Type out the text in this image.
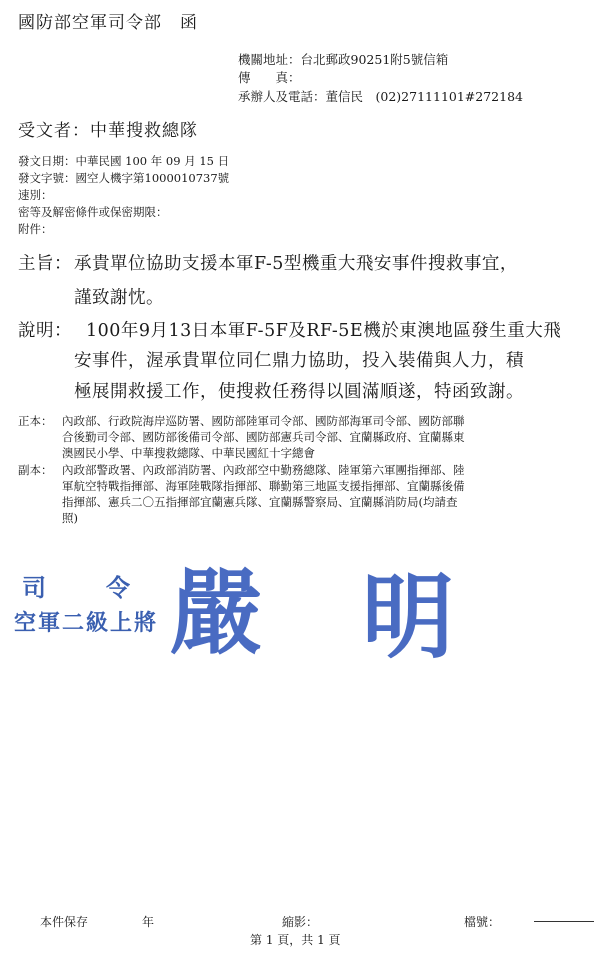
國防部空軍司令部　函
機關地址：台北郵政90251附5號信箱
傳　　真：
承辦人及電話：董信民　(02)27111101#272184
受文者：中華搜救總隊
發文日期：中華民國 100 年 09 月 15 日
發文字號：國空人機字第1000010737號
速別：
密等及解密條件或保密期限：
附件：
主旨： 承貴單位協助支援本軍F-5型機重大飛安事件搜救事宜，
謹致謝忱。
說明： 100年9月13日本軍F-5F及RF-5E機於東澳地區發生重大飛
安事件，渥承貴單位同仁鼎力協助，投入裝備與人力，積
極展開救援工作，使搜救任務得以圓滿順遂，特函致謝。
正本： 內政部、行政院海岸巡防署、國防部陸軍司令部、國防部海軍司令部、國防部聯
合後勤司令部、國防部後備司令部、國防部憲兵司令部、宜蘭縣政府、宜蘭縣東
澳國民小學、中華搜救總隊、中華民國紅十字總會
副本： 內政部警政署、內政部消防署、內政部空中勤務總隊、陸軍第六軍團指揮部、陸
軍航空特戰指揮部、海軍陸戰隊指揮部、聯勤第三地區支援指揮部、宜蘭縣後備
指揮部、憲兵二〇五指揮部宜蘭憲兵隊、宜蘭縣警察局、宜蘭縣消防局(均請查
照)
司　　令
空軍二級上將 嚴 明
本件保存	年	縮影：	檔號：
第 1 頁，共 1 頁
